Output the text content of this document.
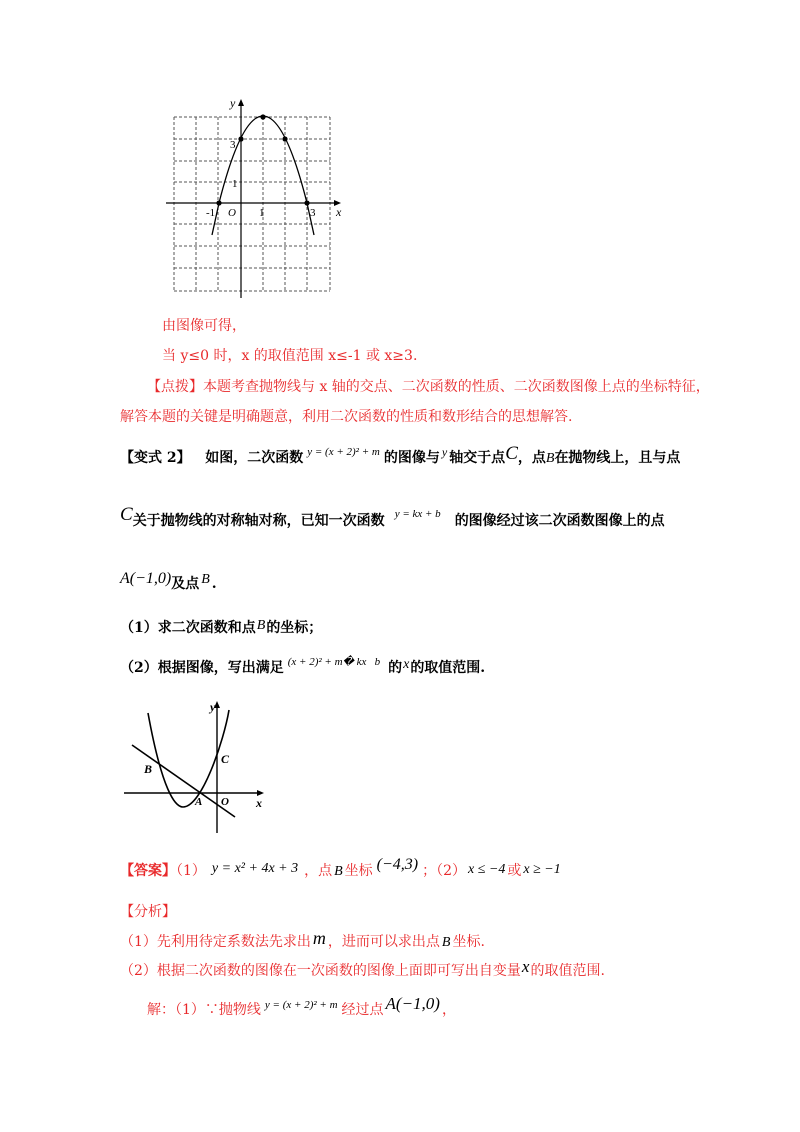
y
x
3
1
-1 O 1	3
由图像可得，
当 y≤0 时，x 的取值范围 x≤-1 或 x≥3.
【点拨】本题考查抛物线与 x 轴的交点、二次函数的性质、二次函数图像上点的坐标特征，
解答本题的关键是明确题意，利用二次函数的性质和数形结合的思想解答.
【变式 2】 如图，二次函数 $^{y = (x + 2)^2 + m}$ 的图像与 y 轴交于点C，点B在抛物线上，且与点
C关于抛物线的对称轴对称，已知一次函数 $^{y = kx + b}$ 的图像经过该二次函数图像上的点
A(−1,0)及点 B .
（1）求二次函数和点B的坐标；
（2）根据图像，写出满足 $^{(x + 2)^2 + m� kx b}$ 的x的取值范围.
y
x
B
C
A O
【答案】（1） y = x² + 4x + 3 ，点 B 坐标 (−4,3) ；（2） x ≤ −4 或 x ≥ −1
【分析】
（1）先利用待定系数法先求出 m ，进而可以求出点 B 坐标.
（2）根据二次函数的图像在一次函数的图像上面即可写出自变量x的取值范围.
解：（1）∵抛物线 $^{y = (x + 2)^2 + m}$ 经过点 A(−1,0) ，
